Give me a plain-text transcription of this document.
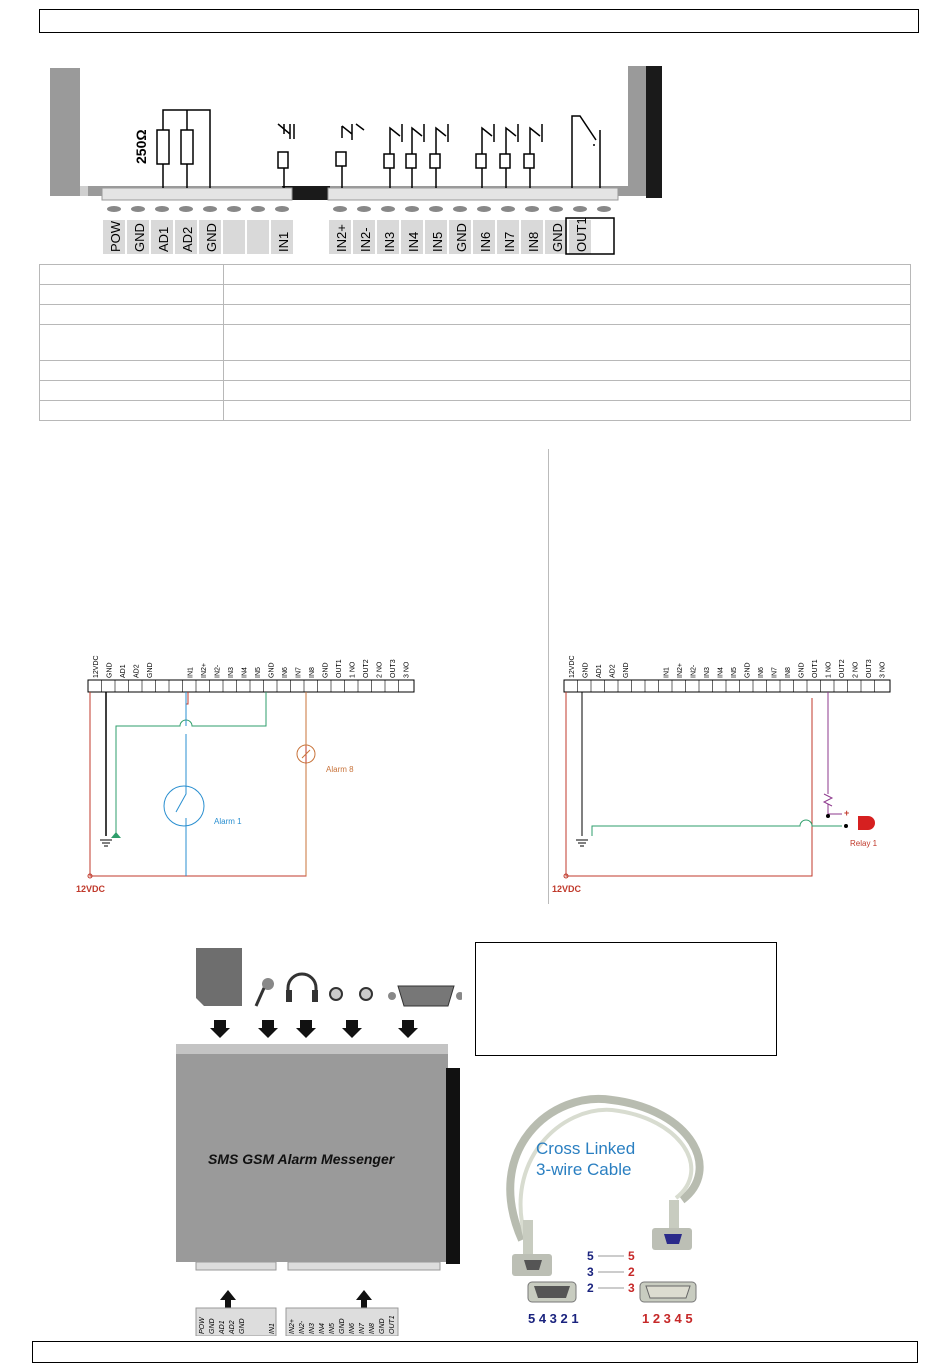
250Ω
POW GND AD1 AD2 GND	IN1	IN2+ IN2- IN3 IN4 IN5 GND IN6 IN7 IN8 GND OUT1

12VDC GND AD1 AD2 GND	IN1 IN2+ IN2- IN3 IN4 IN5 GND IN6 IN7 IN8 GND OUT1 1 NO OUT2 2 NO OUT3 3 NO
Alarm 1
Alarm 8
12VDC
12VDC GND AD1 AD2 GND	IN1 IN2+ IN2- IN3 IN4 IN5 GND IN6 IN7 IN8 GND OUT1 1 NO OUT2 2 NO OUT3 3 NO
+
Relay 1
12VDC
SMS GSM Alarm Messenger
POW GND AD1 AD2 GND	IN1 IN2+ IN2- IN3 IN4 IN5 GND IN6 IN7 IN8 GND OUT1
Cross Linked
3-wire Cable
5
3
2
5
2
3
5 4 3 2 1	1 2 3 4 5
